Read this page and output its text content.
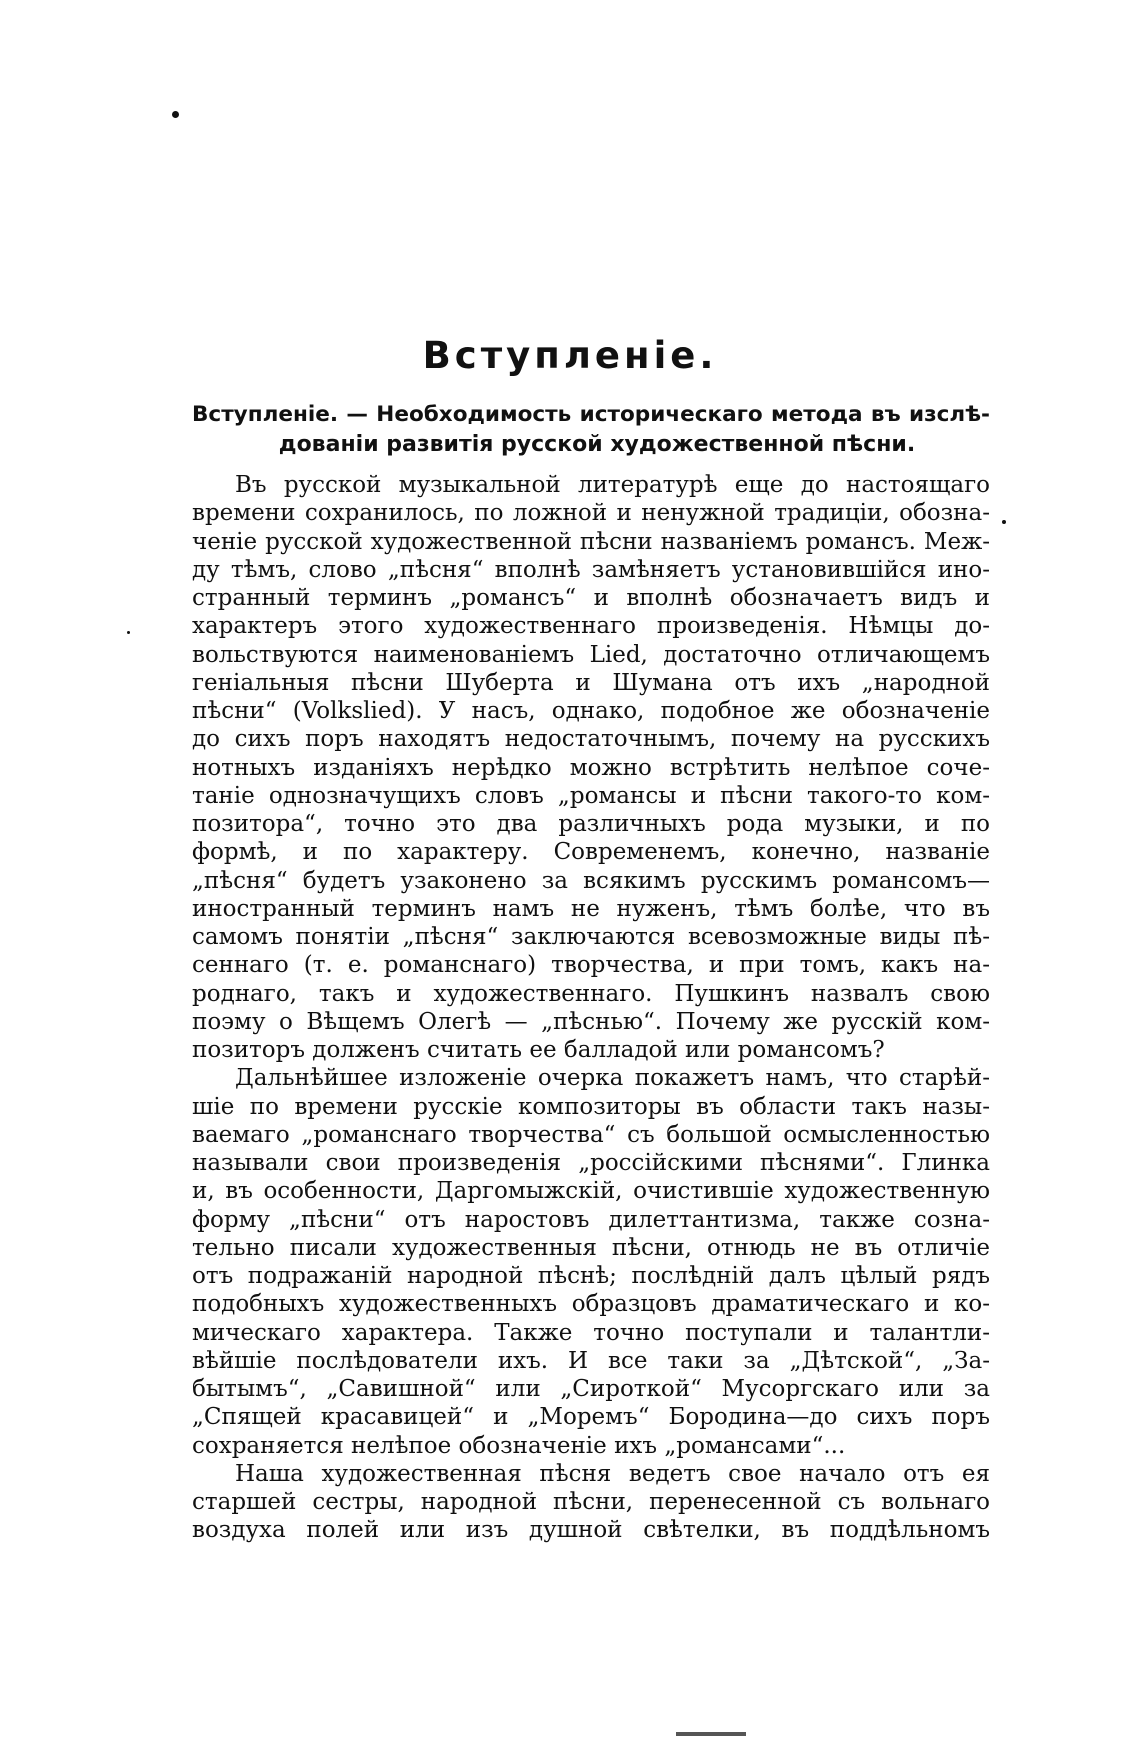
Вступленіе.
Вступленіе. — Необходимость историческаго метода въ изслѣ-
дованіи развитія русской художественной пѣсни.
Въ русской музыкальной литературѣ еще до настоящаго
времени сохранилось, по ложной и ненужной традиціи, обозна-
ченіе русской художественной пѣсни названіемъ романсъ. Меж-
ду тѣмъ, слово „пѣсня“ вполнѣ замѣняетъ установившійся ино-
странный терминъ „романсъ“ и вполнѣ обозначаетъ видъ и
характеръ этого художественнаго произведенія. Нѣмцы до-
вольствуются наименованіемъ Lied, достаточно отличающемъ
геніальныя пѣсни Шуберта и Шумана отъ ихъ „народной
пѣсни“ (Volkslied). У насъ, однако, подобное же обозначеніе
до сихъ поръ находятъ недостаточнымъ, почему на русскихъ
нотныхъ изданіяхъ нерѣдко можно встрѣтить нелѣпое соче-
таніе однозначущихъ словъ „романсы и пѣсни такого-то ком-
позитора“, точно это два различныхъ рода музыки, и по
формѣ, и по характеру. Современемъ, конечно, названіе
„пѣсня“ будетъ узаконено за всякимъ русскимъ романсомъ—
иностранный терминъ намъ не нуженъ, тѣмъ болѣе, что въ
самомъ понятіи „пѣсня“ заключаются всевозможные виды пѣ-
сеннаго (т. е. романснаго) творчества, и при томъ, какъ на-
роднаго, такъ и художественнаго. Пушкинъ назвалъ свою
поэму о Вѣщемъ Олегѣ — „пѣснью“. Почему же русскій ком-
позиторъ долженъ считать ее балладой или романсомъ?
Дальнѣйшее изложеніе очерка покажетъ намъ, что старѣй-
шіе по времени русскіе композиторы въ области такъ назы-
ваемаго „романснаго творчества“ съ большой осмысленностью
называли свои произведенія „россійскими пѣснями“. Глинка
и, въ особенности, Даргомыжскій, очистившіе художественную
форму „пѣсни“ отъ наростовъ дилеттантизма, также созна-
тельно писали художественныя пѣсни, отнюдь не въ отличіе
отъ подражаній народной пѣснѣ; послѣдній далъ цѣлый рядъ
подобныхъ художественныхъ образцовъ драматическаго и ко-
мическаго характера. Также точно поступали и талантли-
вѣйшіе послѣдователи ихъ. И все таки за „Дѣтской“, „За-
бытымъ“, „Савишной“ или „Сироткой“ Мусоргскаго или за
„Спящей красавицей“ и „Моремъ“ Бородина—до сихъ поръ
сохраняется нелѣпое обозначеніе ихъ „романсами“...
Наша художественная пѣсня ведетъ свое начало отъ ея
старшей сестры, народной пѣсни, перенесенной съ вольнаго
воздуха полей или изъ душной свѣтелки, въ поддѣльномъ
